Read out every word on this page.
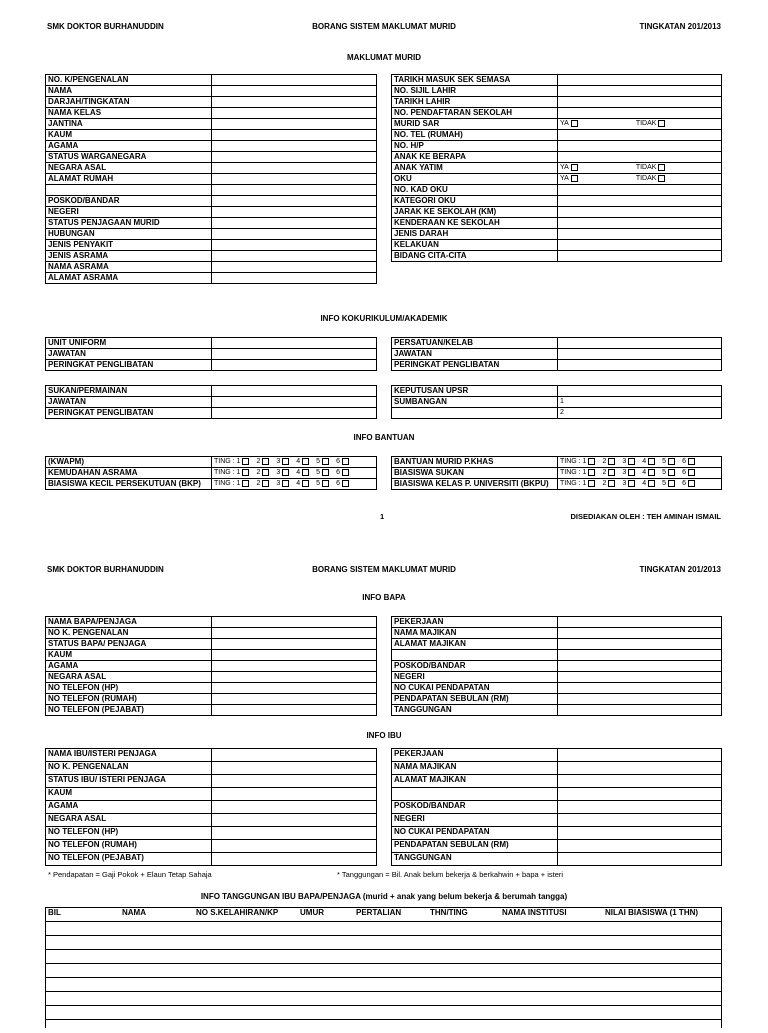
SMK DOKTOR BURHANUDDIN	BORANG SISTEM MAKLUMAT MURID	TINGKATAN 201/2013
MAKLUMAT MURID
NO. K/PENGENALAN	
NAMA	
DARJAH/TINGKATAN	
NAMA KELAS	
JANTINA	
KAUM	
AGAMA	
STATUS WARGANEGARA	
NEGARA ASAL	
ALAMAT RUMAH	

POSKOD/BANDAR	
NEGERI	
STATUS PENJAGAAN MURID	
HUBUNGAN	
JENIS PENYAKIT	
JENIS ASRAMA	
NAMA ASRAMA	
ALAMAT ASRAMA	
TARIKH MASUK SEK SEMASA	
NO. SIJIL LAHIR	
TARIKH LAHIR	
NO. PENDAFTARAN SEKOLAH	
MURID SAR	YA TIDAK
NO. TEL (RUMAH)	
NO. H/P	
ANAK KE BERAPA	
ANAK YATIM	YA TIDAK
OKU	YA TIDAK
NO. KAD OKU	
KATEGORI OKU	
JARAK KE SEKOLAH (KM)	
KENDERAAN KE SEKOLAH	
JENIS DARAH	
KELAKUAN	
BIDANG CITA-CITA	
INFO KOKURIKULUM/AKADEMIK
UNIT UNIFORM	
JAWATAN	
PERINGKAT PENGLIBATAN	
PERSATUAN/KELAB	
JAWATAN	
PERINGKAT PENGLIBATAN	
SUKAN/PERMAINAN	
JAWATAN	
PERINGKAT PENGLIBATAN	
KEPUTUSAN UPSR	
SUMBANGAN	1
	2
INFO BANTUAN
(KWAPM)	TING : 1 2 3 4 5 6
KEMUDAHAN ASRAMA	TING : 1 2 3 4 5 6
BIASISWA KECIL PERSEKUTUAN (BKP)	TING : 1 2 3 4 5 6
BANTUAN MURID P.KHAS	TING : 1 2 3 4 5 6
BIASISWA SUKAN	TING : 1 2 3 4 5 6
BIASISWA KELAS P. UNIVERSITI (BKPU)	TING : 1 2 3 4 5 6
1	DISEDIAKAN OLEH : TEH AMINAH ISMAIL
SMK DOKTOR BURHANUDDIN	BORANG SISTEM MAKLUMAT MURID	TINGKATAN 201/2013
INFO BAPA
NAMA BAPA/PENJAGA	
NO K. PENGENALAN	
STATUS BAPA/ PENJAGA	
KAUM	
AGAMA	
NEGARA ASAL	
NO TELEFON (HP)	
NO TELEFON (RUMAH)	
NO TELEFON (PEJABAT)	
PEKERJAAN	
NAMA MAJIKAN	
ALAMAT MAJIKAN	

POSKOD/BANDAR	
NEGERI	
NO CUKAI PENDAPATAN	
PENDAPATAN SEBULAN (RM)	
TANGGUNGAN	
INFO IBU
NAMA IBU/ISTERI PENJAGA	
NO K. PENGENALAN	
STATUS IBU/ ISTERI PENJAGA	
KAUM	
AGAMA	
NEGARA ASAL	
NO TELEFON (HP)	
NO TELEFON (RUMAH)	
NO TELEFON (PEJABAT)	
PEKERJAAN	
NAMA MAJIKAN	
ALAMAT MAJIKAN	

POSKOD/BANDAR	
NEGERI	
NO CUKAI PENDAPATAN	
PENDAPATAN SEBULAN (RM)	
TANGGUNGAN	
* Pendapatan = Gaji Pokok + Elaun Tetap Sahaja	* Tanggungan = Bil. Anak belum bekerja & berkahwin + bapa + isteri
INFO TANGGUNGAN IBU BAPA/PENJAGA (murid + anak yang belum bekerja & berumah tangga)
BIL	NAMA	NO S.KELAHIRAN/KP	UMUR	PERTALIAN	THN/TING	NAMA INSTITUSI	NILAI BIASISWA (1 THN)
